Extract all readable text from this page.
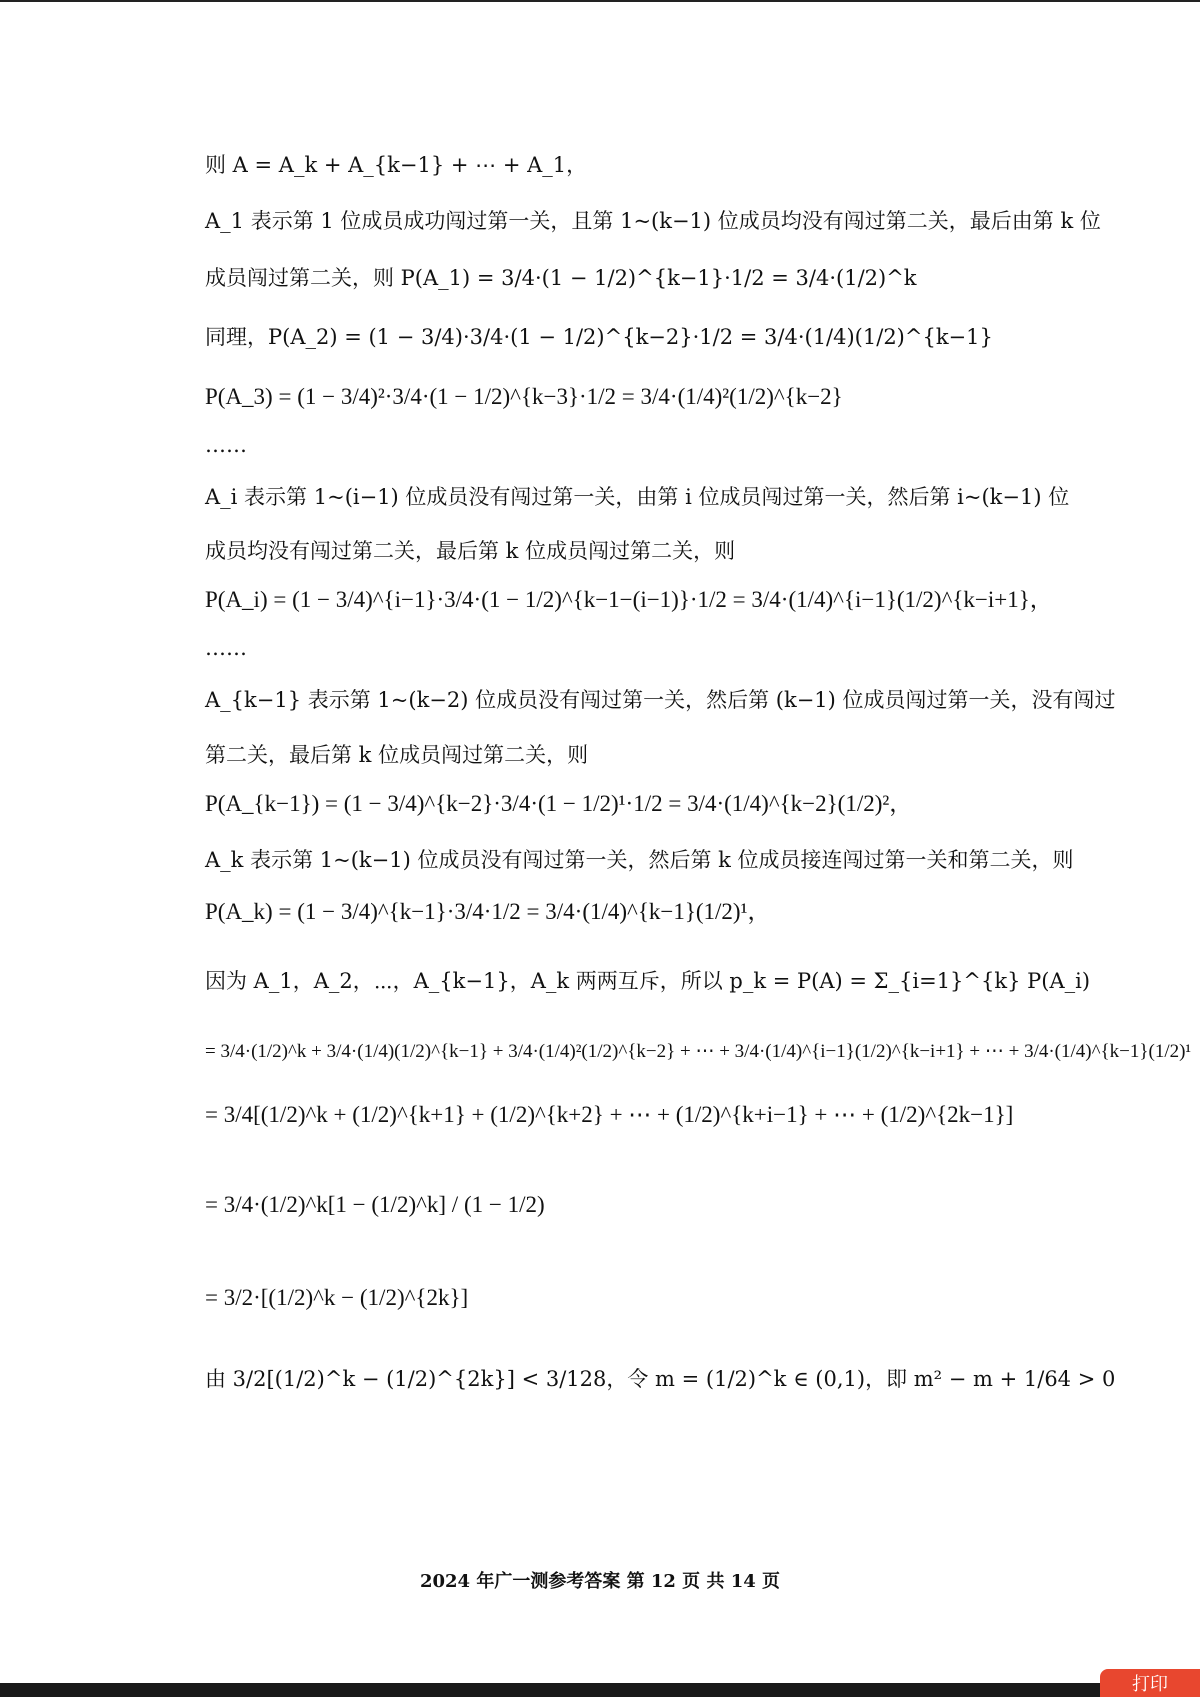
则 A = A_k + A_{k−1} + ⋯ + A_1，
A_1 表示第 1 位成员成功闯过第一关，且第 1~(k−1) 位成员均没有闯过第二关，最后由第 k 位
成员闯过第二关，则 P(A_1) = 3/4·(1 − 1/2)^{k−1}·1/2 = 3/4·(1/2)^k
同理，P(A_2) = (1 − 3/4)·3/4·(1 − 1/2)^{k−2}·1/2 = 3/4·(1/4)(1/2)^{k−1}
P(A_3) = (1 − 3/4)²·3/4·(1 − 1/2)^{k−3}·1/2 = 3/4·(1/4)²(1/2)^{k−2}
……
A_i 表示第 1~(i−1) 位成员没有闯过第一关，由第 i 位成员闯过第一关，然后第 i~(k−1) 位
成员均没有闯过第二关，最后第 k 位成员闯过第二关，则
P(A_i) = (1 − 3/4)^{i−1}·3/4·(1 − 1/2)^{k−1−(i−1)}·1/2 = 3/4·(1/4)^{i−1}(1/2)^{k−i+1}，
……
A_{k−1} 表示第 1~(k−2) 位成员没有闯过第一关，然后第 (k−1) 位成员闯过第一关，没有闯过
第二关，最后第 k 位成员闯过第二关，则
P(A_{k−1}) = (1 − 3/4)^{k−2}·3/4·(1 − 1/2)¹·1/2 = 3/4·(1/4)^{k−2}(1/2)²，
A_k 表示第 1~(k−1) 位成员没有闯过第一关，然后第 k 位成员接连闯过第一关和第二关，则
P(A_k) = (1 − 3/4)^{k−1}·3/4·1/2 = 3/4·(1/4)^{k−1}(1/2)¹，
因为 A_1，A_2，⋯，A_{k−1}，A_k 两两互斥，所以 p_k = P(A) = Σ_{i=1}^{k} P(A_i)
= 3/4·(1/2)^k + 3/4·(1/4)(1/2)^{k−1} + 3/4·(1/4)²(1/2)^{k−2} + ⋯ + 3/4·(1/4)^{i−1}(1/2)^{k−i+1} + ⋯ + 3/4·(1/4)^{k−1}(1/2)¹
= 3/4[(1/2)^k + (1/2)^{k+1} + (1/2)^{k+2} + ⋯ + (1/2)^{k+i−1} + ⋯ + (1/2)^{2k−1}]
= 3/4·(1/2)^k[1 − (1/2)^k] / (1 − 1/2)
= 3/2·[(1/2)^k − (1/2)^{2k}]
由 3/2[(1/2)^k − (1/2)^{2k}] < 3/128，令 m = (1/2)^k ∈ (0,1)，即 m² − m + 1/64 > 0
2024 年广一测参考答案 第 12 页 共 14 页
打印
